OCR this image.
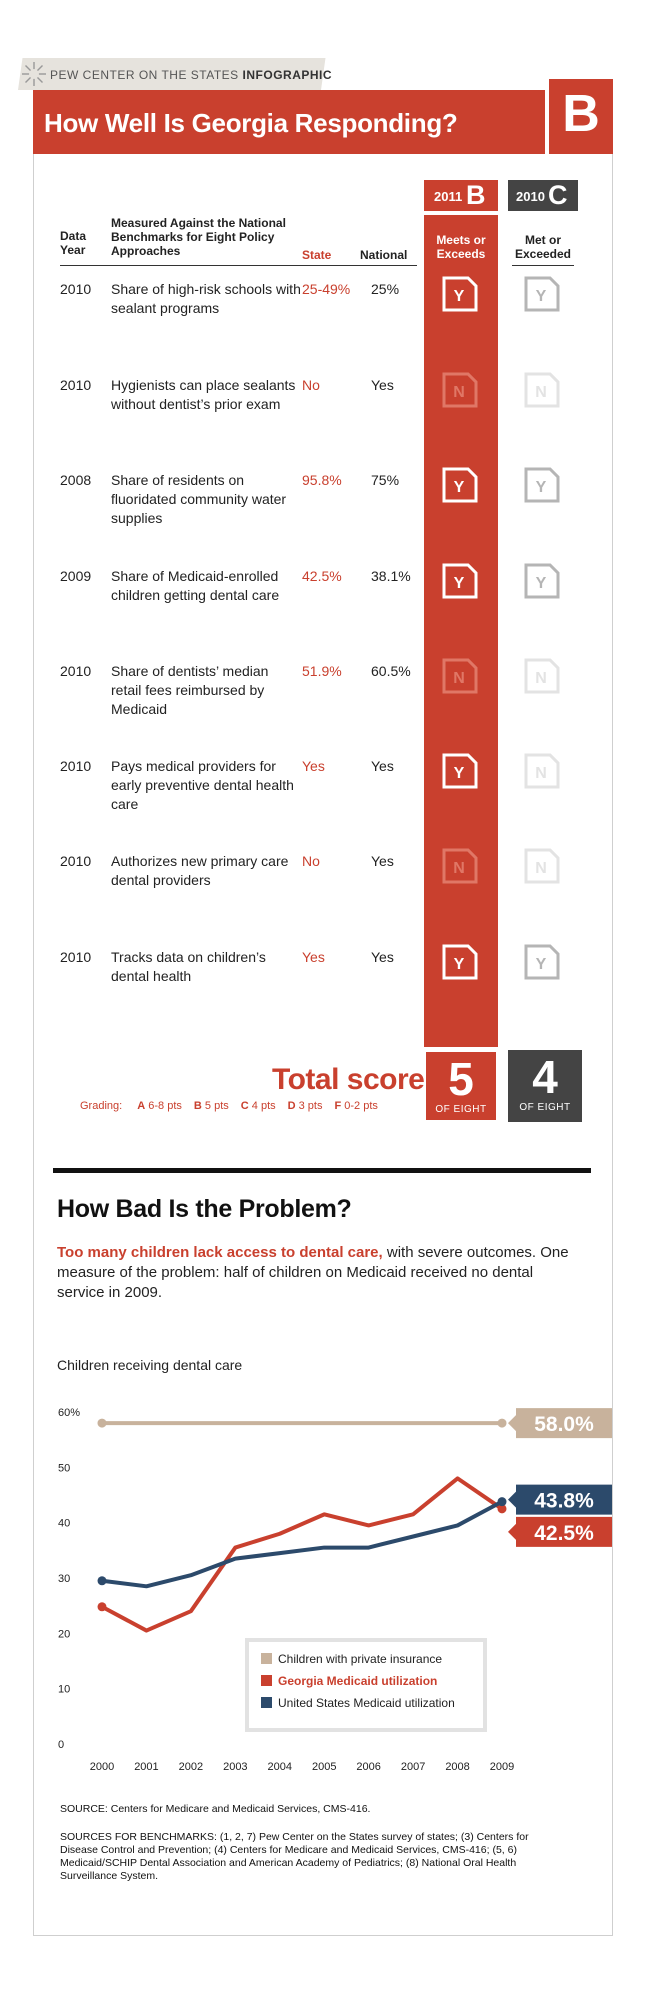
PEW CENTER ON THE STATES INFOGRAPHIC
How Well Is Georgia Responding? B
2011 B 2010 C
Data Year
Measured Against the National Benchmarks for Eight Policy Approaches	State National
Meets or Exceeds
Met or Exceeded
2010 Share of high-risk schools with sealant programs
25-49% 25%	Y	Y
2010 Hygienists can place sealants without dentist’s prior exam
No	Yes	N	N
2008 Share of residents on fluoridated community water supplies
95.8% 75%	Y	Y
2009 Share of Medicaid-enrolled children getting dental care
42.5% 38.1%	Y	Y
2010 Share of dentists’ median retail fees reimbursed by Medicaid
51.9% 60.5%	N	N
2010 Pays medical providers for early preventive dental health care
Yes	Yes	Y	N
2010 Authorizes new primary care dental providers
No	Yes	N	N
2010 Tracks data on children’s dental health
Yes	Yes	Y	Y
Total score
Grading: A 6-8 pts B 5 pts C 4 pts D 3 pts F 0-2 pts
5
OF EIGHT
4
OF EIGHT
How Bad Is the Problem?
Too many children lack access to dental care, with severe outcomes. One measure of the problem: half of children on Medicaid received no dental service in 2009.
Children receiving dental care
0
10
20
30
40
50
60%
2000 2001 2002 2003 2004 2005 2006 2007 2008 2009
58.0%
42.5%
43.8%
Children with private insurance
Georgia Medicaid utilization
United States Medicaid utilization
SOURCE: Centers for Medicare and Medicaid Services, CMS-416.
SOURCES FOR BENCHMARKS: (1, 2, 7) Pew Center on the States survey of states; (3) Centers for Disease Control and Prevention; (4) Centers for Medicare and Medicaid Services, CMS-416; (5, 6) Medicaid/SCHIP Dental Association and American Academy of Pediatrics; (8) National Oral Health Surveillance System.
